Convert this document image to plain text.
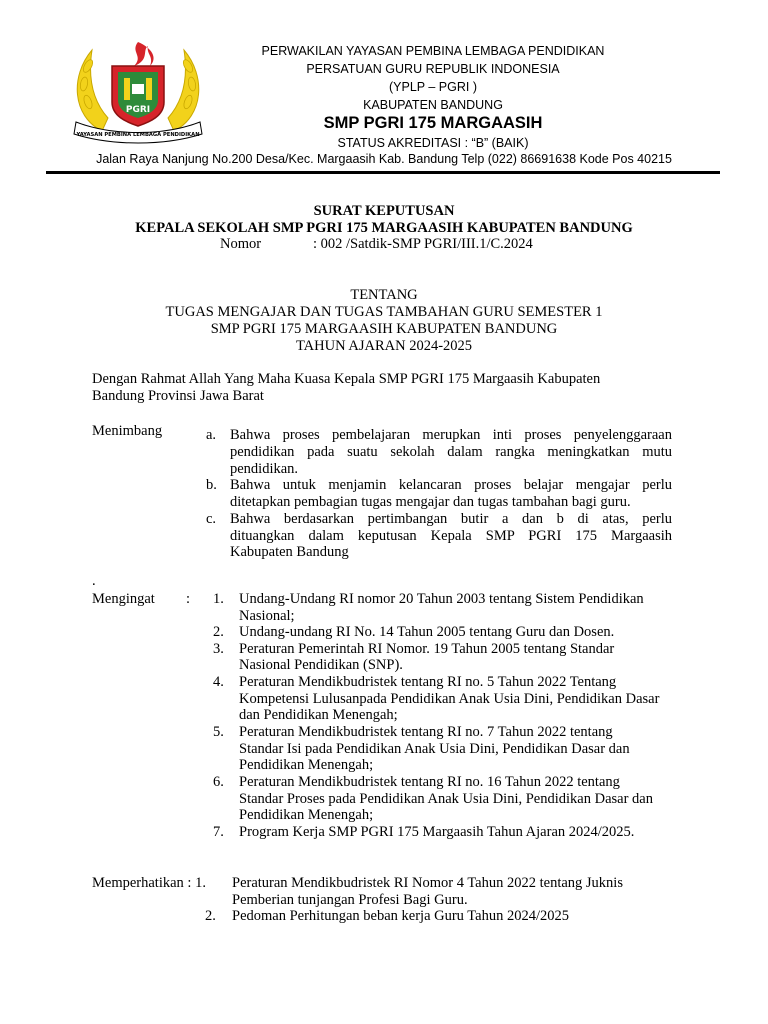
PGRI
YAYASAN PEMBINA LEMBAGA PENDIDIKAN
PERWAKILAN YAYASAN PEMBINA LEMBAGA PENDIDIKAN
PERSATUAN GURU REPUBLIK INDONESIA
(YPLP – PGRI )
KABUPATEN BANDUNG
SMP PGRI 175 MARGAASIH
STATUS AKREDITASI : “B” (BAIK)
Jalan Raya Nanjung No.200 Desa/Kec. Margaasih Kab. Bandung Telp (022) 86691638 Kode Pos 40215
SURAT KEPUTUSAN
KEPALA SEKOLAH SMP PGRI 175 MARGAASIH KABUPATEN BANDUNG
Nomor	: 002 /Satdik-SMP PGRI/III.1/C.2024
TENTANG
TUGAS MENGAJAR DAN TUGAS TAMBAHAN GURU SEMESTER 1
SMP PGRI 175 MARGAASIH KABUPATEN BANDUNG
TAHUN AJARAN 2024-2025
Dengan Rahmat Allah Yang Maha Kuasa Kepala SMP PGRI 175 Margaasih Kabupaten
Bandung Provinsi Jawa Barat
Menimbang	a. Bahwa proses pembelajaran merupkan inti proses penyelenggaraan
pendidikan pada suatu sekolah dalam rangka meningkatkan mutu
pendidikan.
b. Bahwa untuk menjamin kelancaran proses belajar mengajar perlu
ditetapkan pembagian tugas mengajar dan tugas tambahan bagi guru.
c. Bahwa berdasarkan pertimbangan butir a dan b di atas, perlu
dituangkan dalam keputusan Kepala SMP PGRI 175 Margaasih
Kabupaten Bandung
.
Mengingat : 1. Undang-Undang RI nomor 20 Tahun 2003 tentang Sistem Pendidikan
Nasional;
2. Undang-undang RI No. 14 Tahun 2005 tentang Guru dan Dosen.
3. Peraturan Pemerintah RI Nomor. 19 Tahun 2005 tentang Standar
Nasional Pendidikan (SNP).
4. Peraturan Mendikbudristek tentang RI no. 5 Tahun 2022 Tentang
Kompetensi Lulusanpada Pendidikan Anak Usia Dini, Pendidikan Dasar
dan Pendidikan Menengah;
5. Peraturan Mendikbudristek tentang RI no. 7 Tahun 2022 tentang
Standar Isi pada Pendidikan Anak Usia Dini, Pendidikan Dasar dan
Pendidikan Menengah;
6. Peraturan Mendikbudristek tentang RI no. 16 Tahun 2022 tentang
Standar Proses pada Pendidikan Anak Usia Dini, Pendidikan Dasar dan
Pendidikan Menengah;
7. Program Kerja SMP PGRI 175 Margaasih Tahun Ajaran 2024/2025.
Memperhatikan : 1. Peraturan Mendikbudristek RI Nomor 4 Tahun 2022 tentang Juknis
Pemberian tunjangan Profesi Bagi Guru.
2. Pedoman Perhitungan beban kerja Guru Tahun 2024/2025
